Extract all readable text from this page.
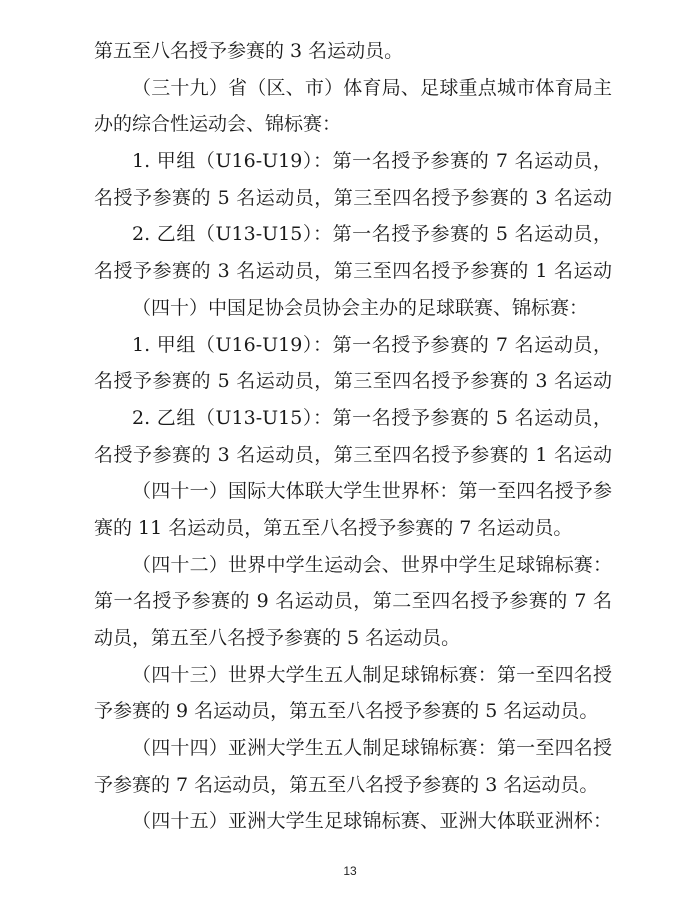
第五至八名授予参赛的 3 名运动员。
（三十九）省（区、市）体育局、足球重点城市体育局主
办的综合性运动会、锦标赛：
1. 甲组（U16-U19）：第一名授予参赛的 7 名运动员，
名授予参赛的 5 名运动员，第三至四名授予参赛的 3 名运动
2. 乙组（U13-U15）：第一名授予参赛的 5 名运动员，
名授予参赛的 3 名运动员，第三至四名授予参赛的 1 名运动
（四十）中国足协会员协会主办的足球联赛、锦标赛：
1. 甲组（U16-U19）：第一名授予参赛的 7 名运动员，
名授予参赛的 5 名运动员，第三至四名授予参赛的 3 名运动
2. 乙组（U13-U15）：第一名授予参赛的 5 名运动员，
名授予参赛的 3 名运动员，第三至四名授予参赛的 1 名运动
（四十一）国际大体联大学生世界杯：第一至四名授予参
赛的 11 名运动员，第五至八名授予参赛的 7 名运动员。
（四十二）世界中学生运动会、世界中学生足球锦标赛：
第一名授予参赛的 9 名运动员，第二至四名授予参赛的 7 名
动员，第五至八名授予参赛的 5 名运动员。
（四十三）世界大学生五人制足球锦标赛：第一至四名授
予参赛的 9 名运动员，第五至八名授予参赛的 5 名运动员。
（四十四）亚洲大学生五人制足球锦标赛：第一至四名授
予参赛的 7 名运动员，第五至八名授予参赛的 3 名运动员。
（四十五）亚洲大学生足球锦标赛、亚洲大体联亚洲杯：
13
